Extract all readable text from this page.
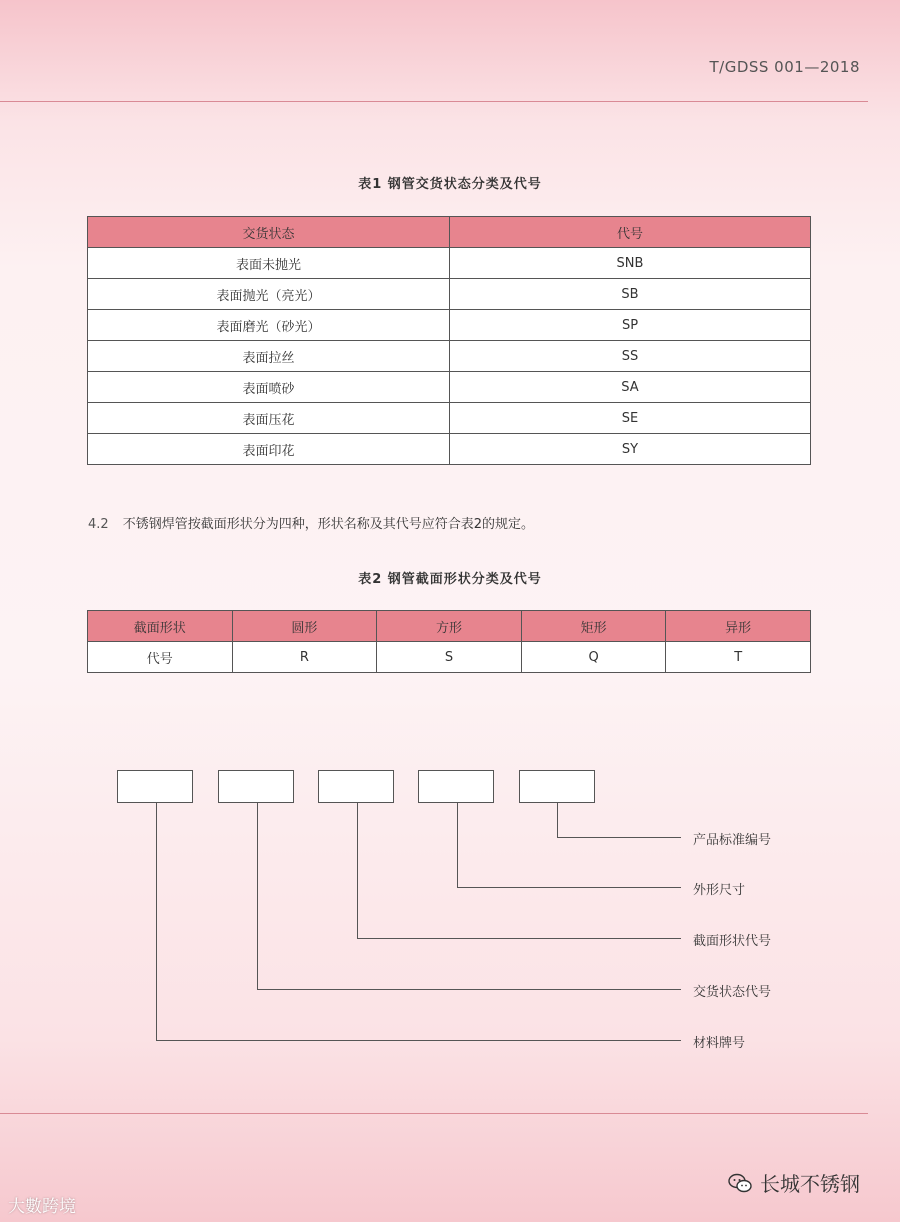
T/GDSS 001—2018
表1 钢管交货状态分类及代号
交货状态	代号
表面未抛光	SNB
表面抛光（亮光）	SB
表面磨光（砂光）	SP
表面拉丝	SS
表面喷砂	SA
表面压花	SE
表面印花	SY
4.2 不锈钢焊管按截面形状分为四种，形状名称及其代号应符合表2的规定。
表2 钢管截面形状分类及代号
截面形状	圆形	方形	矩形	异形
代号	R	S	Q	T
产品标准编号
外形尺寸
截面形状代号
交货状态代号
材料牌号
大數跨境
长城不锈钢
